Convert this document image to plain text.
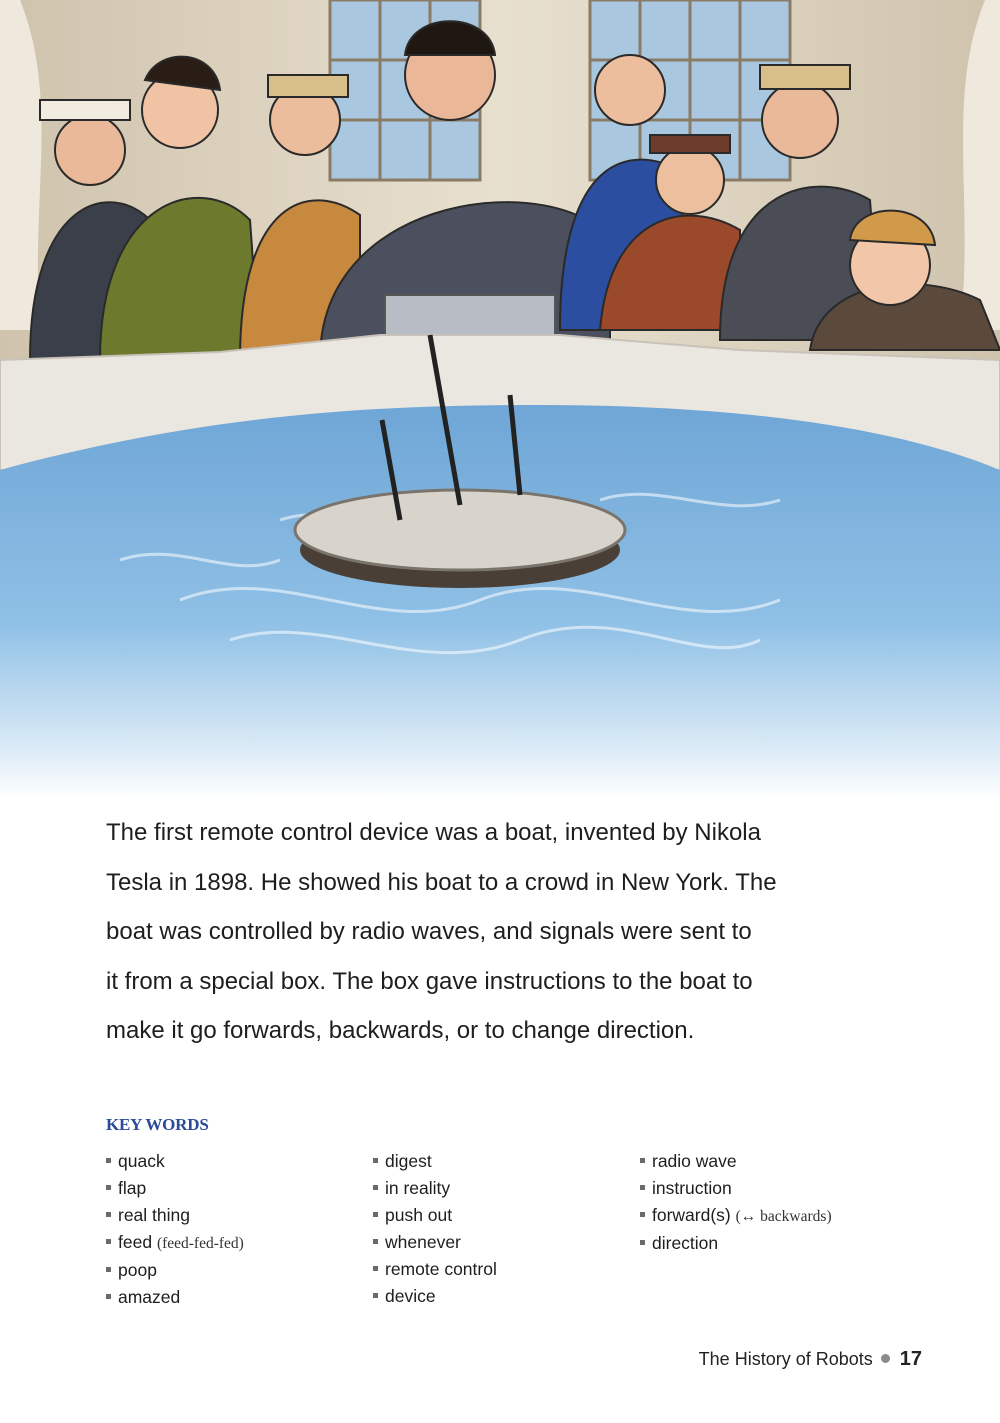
The first remote control device was a boat, invented by Nikola
Tesla in 1898. He showed his boat to a crowd in New York. The
boat was controlled by radio waves, and signals were sent to
it from a special box. The box gave instructions to the boat to
make it go forwards, backwards, or to change direction.

KEY WORDS
quack
flap
real thing
feed (feed-fed-fed)
poop
amazed
digest
in reality
push out
whenever
remote control
device
radio wave
instruction
forward(s) (↔ backwards)
direction
The History of Robots 17
